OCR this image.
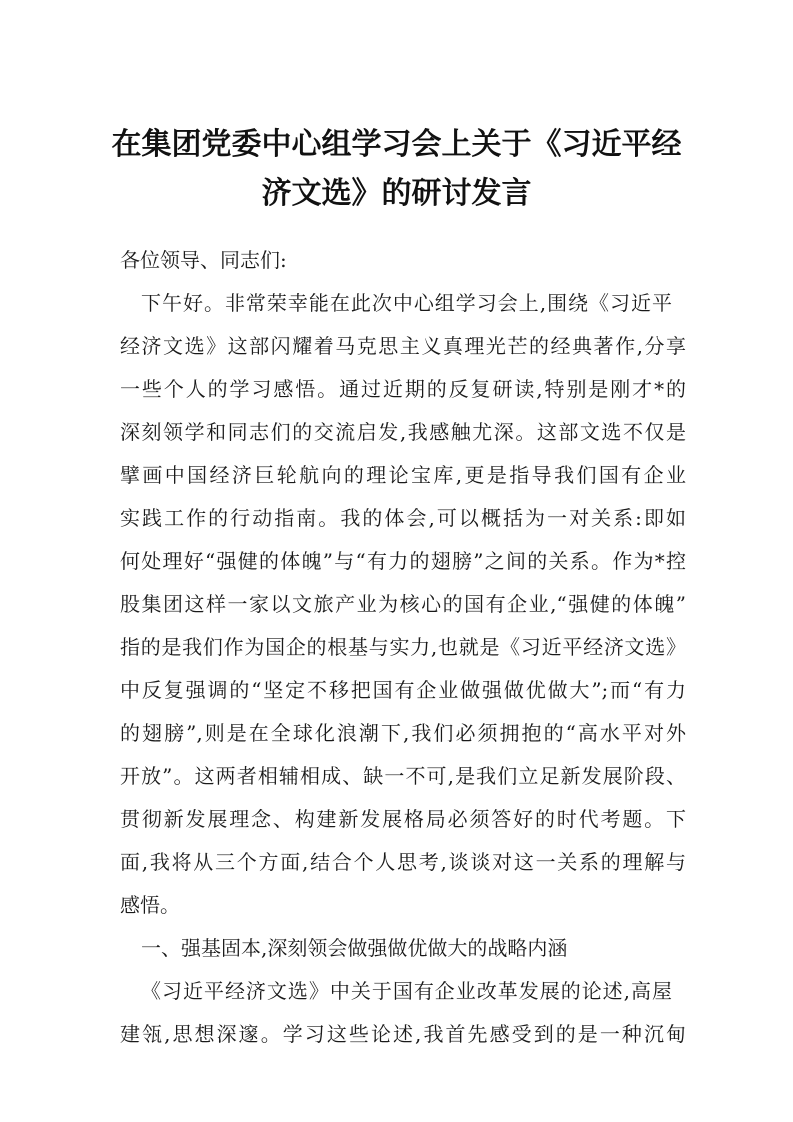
在集团党委中心组学习会上关于《习近平经
济文选》的研讨发言

各位领导、同志们:

下午好。非常荣幸能在此次中心组学习会上,围绕《习近平

经济文选》这部闪耀着马克思主义真理光芒的经典著作,分享

一些个人的学习感悟。通过近期的反复研读,特别是刚才*的

深刻领学和同志们的交流启发,我感触尤深。这部文选不仅是

擘画中国经济巨轮航向的理论宝库,更是指导我们国有企业

实践工作的行动指南。我的体会,可以概括为一对关系:即如

何处理好“强健的体魄”与“有力的翅膀”之间的关系。作为*控

股集团这样一家以文旅产业为核心的国有企业,“强健的体魄”

指的是我们作为国企的根基与实力,也就是《习近平经济文选》

中反复强调的“坚定不移把国有企业做强做优做大”;而“有力

的翅膀”,则是在全球化浪潮下,我们必须拥抱的“高水平对外

开放”。这两者相辅相成、缺一不可,是我们立足新发展阶段、

贯彻新发展理念、构建新发展格局必须答好的时代考题。下

面,我将从三个方面,结合个人思考,谈谈对这一关系的理解与

感悟。

一、强基固本,深刻领会做强做优做大的战略内涵

《习近平经济文选》中关于国有企业改革发展的论述,高屋

建瓴,思想深邃。学习这些论述,我首先感受到的是一种沉甸
